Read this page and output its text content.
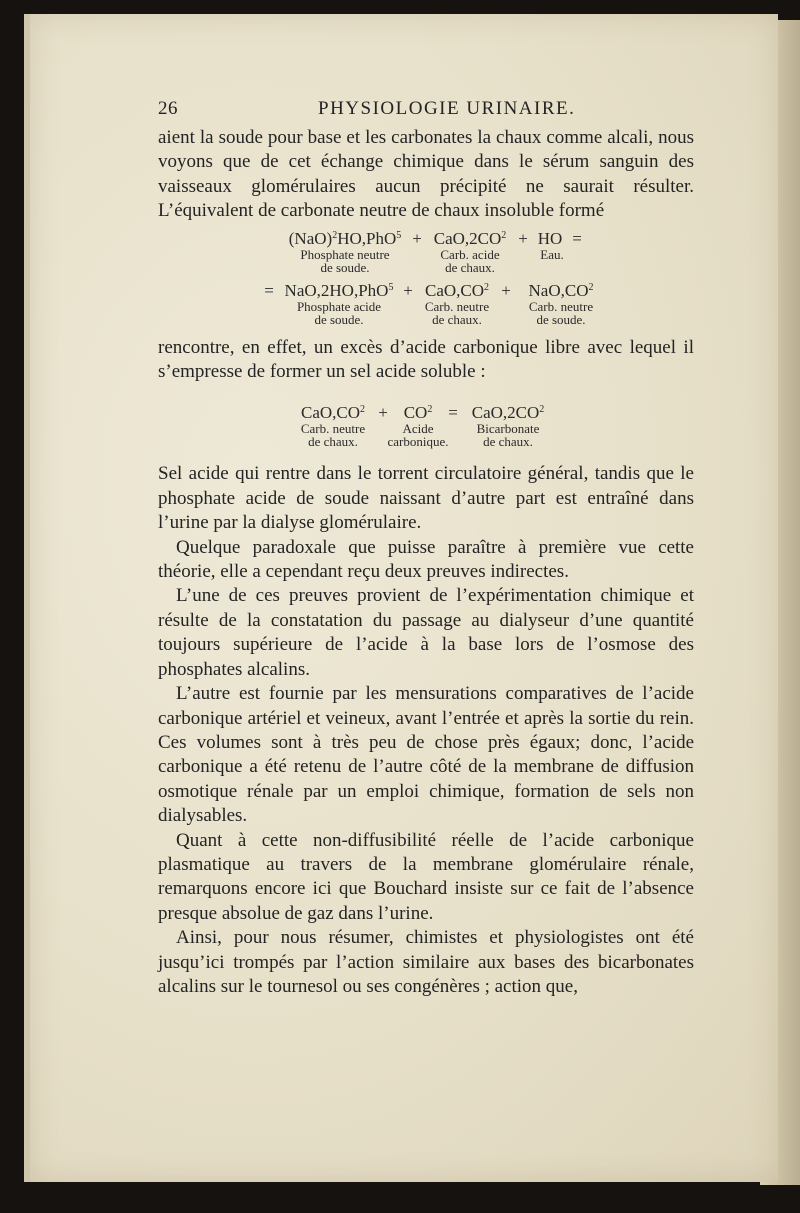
26	PHYSIOLOGIE URINAIRE.

aient la soude pour base et les carbonates la chaux comme alcali, nous voyons que de cet échange chimique dans le sérum sanguin des vaisseaux glomérulaires aucun précipité ne saurait résulter. L’équivalent de carbonate neutre de chaux insoluble formé

$(NaO)^2HO,PhO^5 + CaO,2CO^2$ + HO =
Phosphate neutre
de soude.
Carb. acide
de chaux.
Eau.
= $NaO,2HO,PhO^5 + CaO,CO^2$ +	$NaO,CO^2$
Phosphate acide
de soude.
Carb. neutre
de chaux.
Carb. neutre
de soude.

rencontre, en effet, un excès d’acide carbonique libre avec lequel il s’empresse de former un sel acide soluble :

$CaO,CO^2 + CO^2 = CaO,2CO^2$
Carb. neutre
de chaux.
Acide
carbonique.
Bicarbonate
de chaux.

Sel acide qui rentre dans le torrent circulatoire général, tandis que le phosphate acide de soude naissant d’autre part est entraîné dans l’urine par la dialyse glomérulaire.

Quelque paradoxale que puisse paraître à première vue cette théorie, elle a cependant reçu deux preuves indirectes.

L’une de ces preuves provient de l’expérimentation chimique et résulte de la constatation du passage au dialyseur d’une quantité toujours supérieure de l’acide à la base lors de l’osmose des phosphates alcalins.

L’autre est fournie par les mensurations comparatives de l’acide carbonique artériel et veineux, avant l’entrée et après la sortie du rein. Ces volumes sont à très peu de chose près égaux; donc, l’acide carbonique a été retenu de l’autre côté de la membrane de diffusion osmotique rénale par un emploi chimique, formation de sels non dialysables.

Quant à cette non-diffusibilité réelle de l’acide carbonique plasmatique au travers de la membrane glomérulaire rénale, remarquons encore ici que Bouchard insiste sur ce fait de l’absence presque absolue de gaz dans l’urine.

Ainsi, pour nous résumer, chimistes et physiologistes ont été jusqu’ici trompés par l’action similaire aux bases des bicarbonates alcalins sur le tournesol ou ses congénères ; action que,
